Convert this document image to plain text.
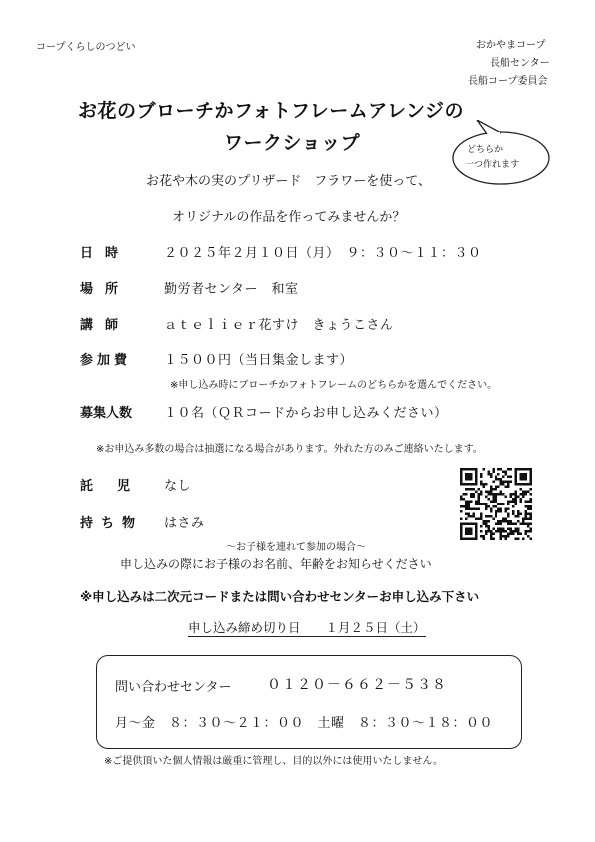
コープくらしのつどい	おかやまコープ
長船センター
長船コープ委員会
お花のブローチかフォトフレームアレンジの
ワークショップ	どちらか
一つ作れます
お花や木の実のプリザード　フラワーを使って、
オリジナルの作品を作ってみませんか？
日時	２０２５年２月１０日（月）　９：３０～１１：３０
場所	勤労者センター　和室
講師	ａｔｅｌｉｅｒ花すけ　きょうこさん
参加費	１５００円（当日集金します）
※申し込み時にブローチかフォトフレームのどちらかを選んでください。
募集人数 １０名（ＱＲコードからお申し込みください）
※お申込み多数の場合は抽選になる場合があります。外れた方のみご連絡いたします。
託児 なし
持ち物 はさみ
～お子様を連れて参加の場合～
申し込みの際にお子様のお名前、年齢をお知らせください
※申し込みは二次元コードまたは問い合わせセンターお申し込み下さい
申し込み締め切り日　　１月２５日（土）
問い合わせセンター	０１２０－６６２－５３８
月～金　８：３０～２１：００　土曜　８：３０～１８：００
※ご提供頂いた個人情報は厳重に管理し、目的以外には使用いたしません。
